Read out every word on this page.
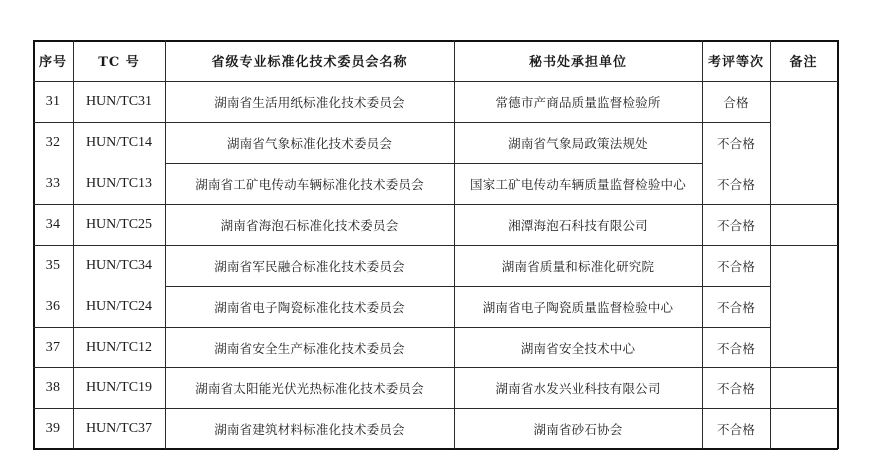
序号	TC 号	省级专业标准化技术委员会名称	秘书处承担单位	考评等次	备注
31	HUN/TC31	湖南省生活用纸标准化技术委员会	常德市产商品质量监督检验所	合格
32	HUN/TC14	湖南省气象标准化技术委员会	湖南省气象局政策法规处	不合格
33	HUN/TC13	湖南省工矿电传动车辆标准化技术委员会	国家工矿电传动车辆质量监督检验中心	不合格
34	HUN/TC25	湖南省海泡石标准化技术委员会	湘潭海泡石科技有限公司	不合格
35	HUN/TC34	湖南省军民融合标准化技术委员会	湖南省质量和标准化研究院	不合格
36	HUN/TC24	湖南省电子陶瓷标准化技术委员会	湖南省电子陶瓷质量监督检验中心	不合格
37	HUN/TC12	湖南省安全生产标准化技术委员会	湖南省安全技术中心	不合格
38	HUN/TC19	湖南省太阳能光伏光热标准化技术委员会	湖南省水发兴业科技有限公司	不合格
39	HUN/TC37	湖南省建筑材料标准化技术委员会	湖南省砂石协会	不合格
